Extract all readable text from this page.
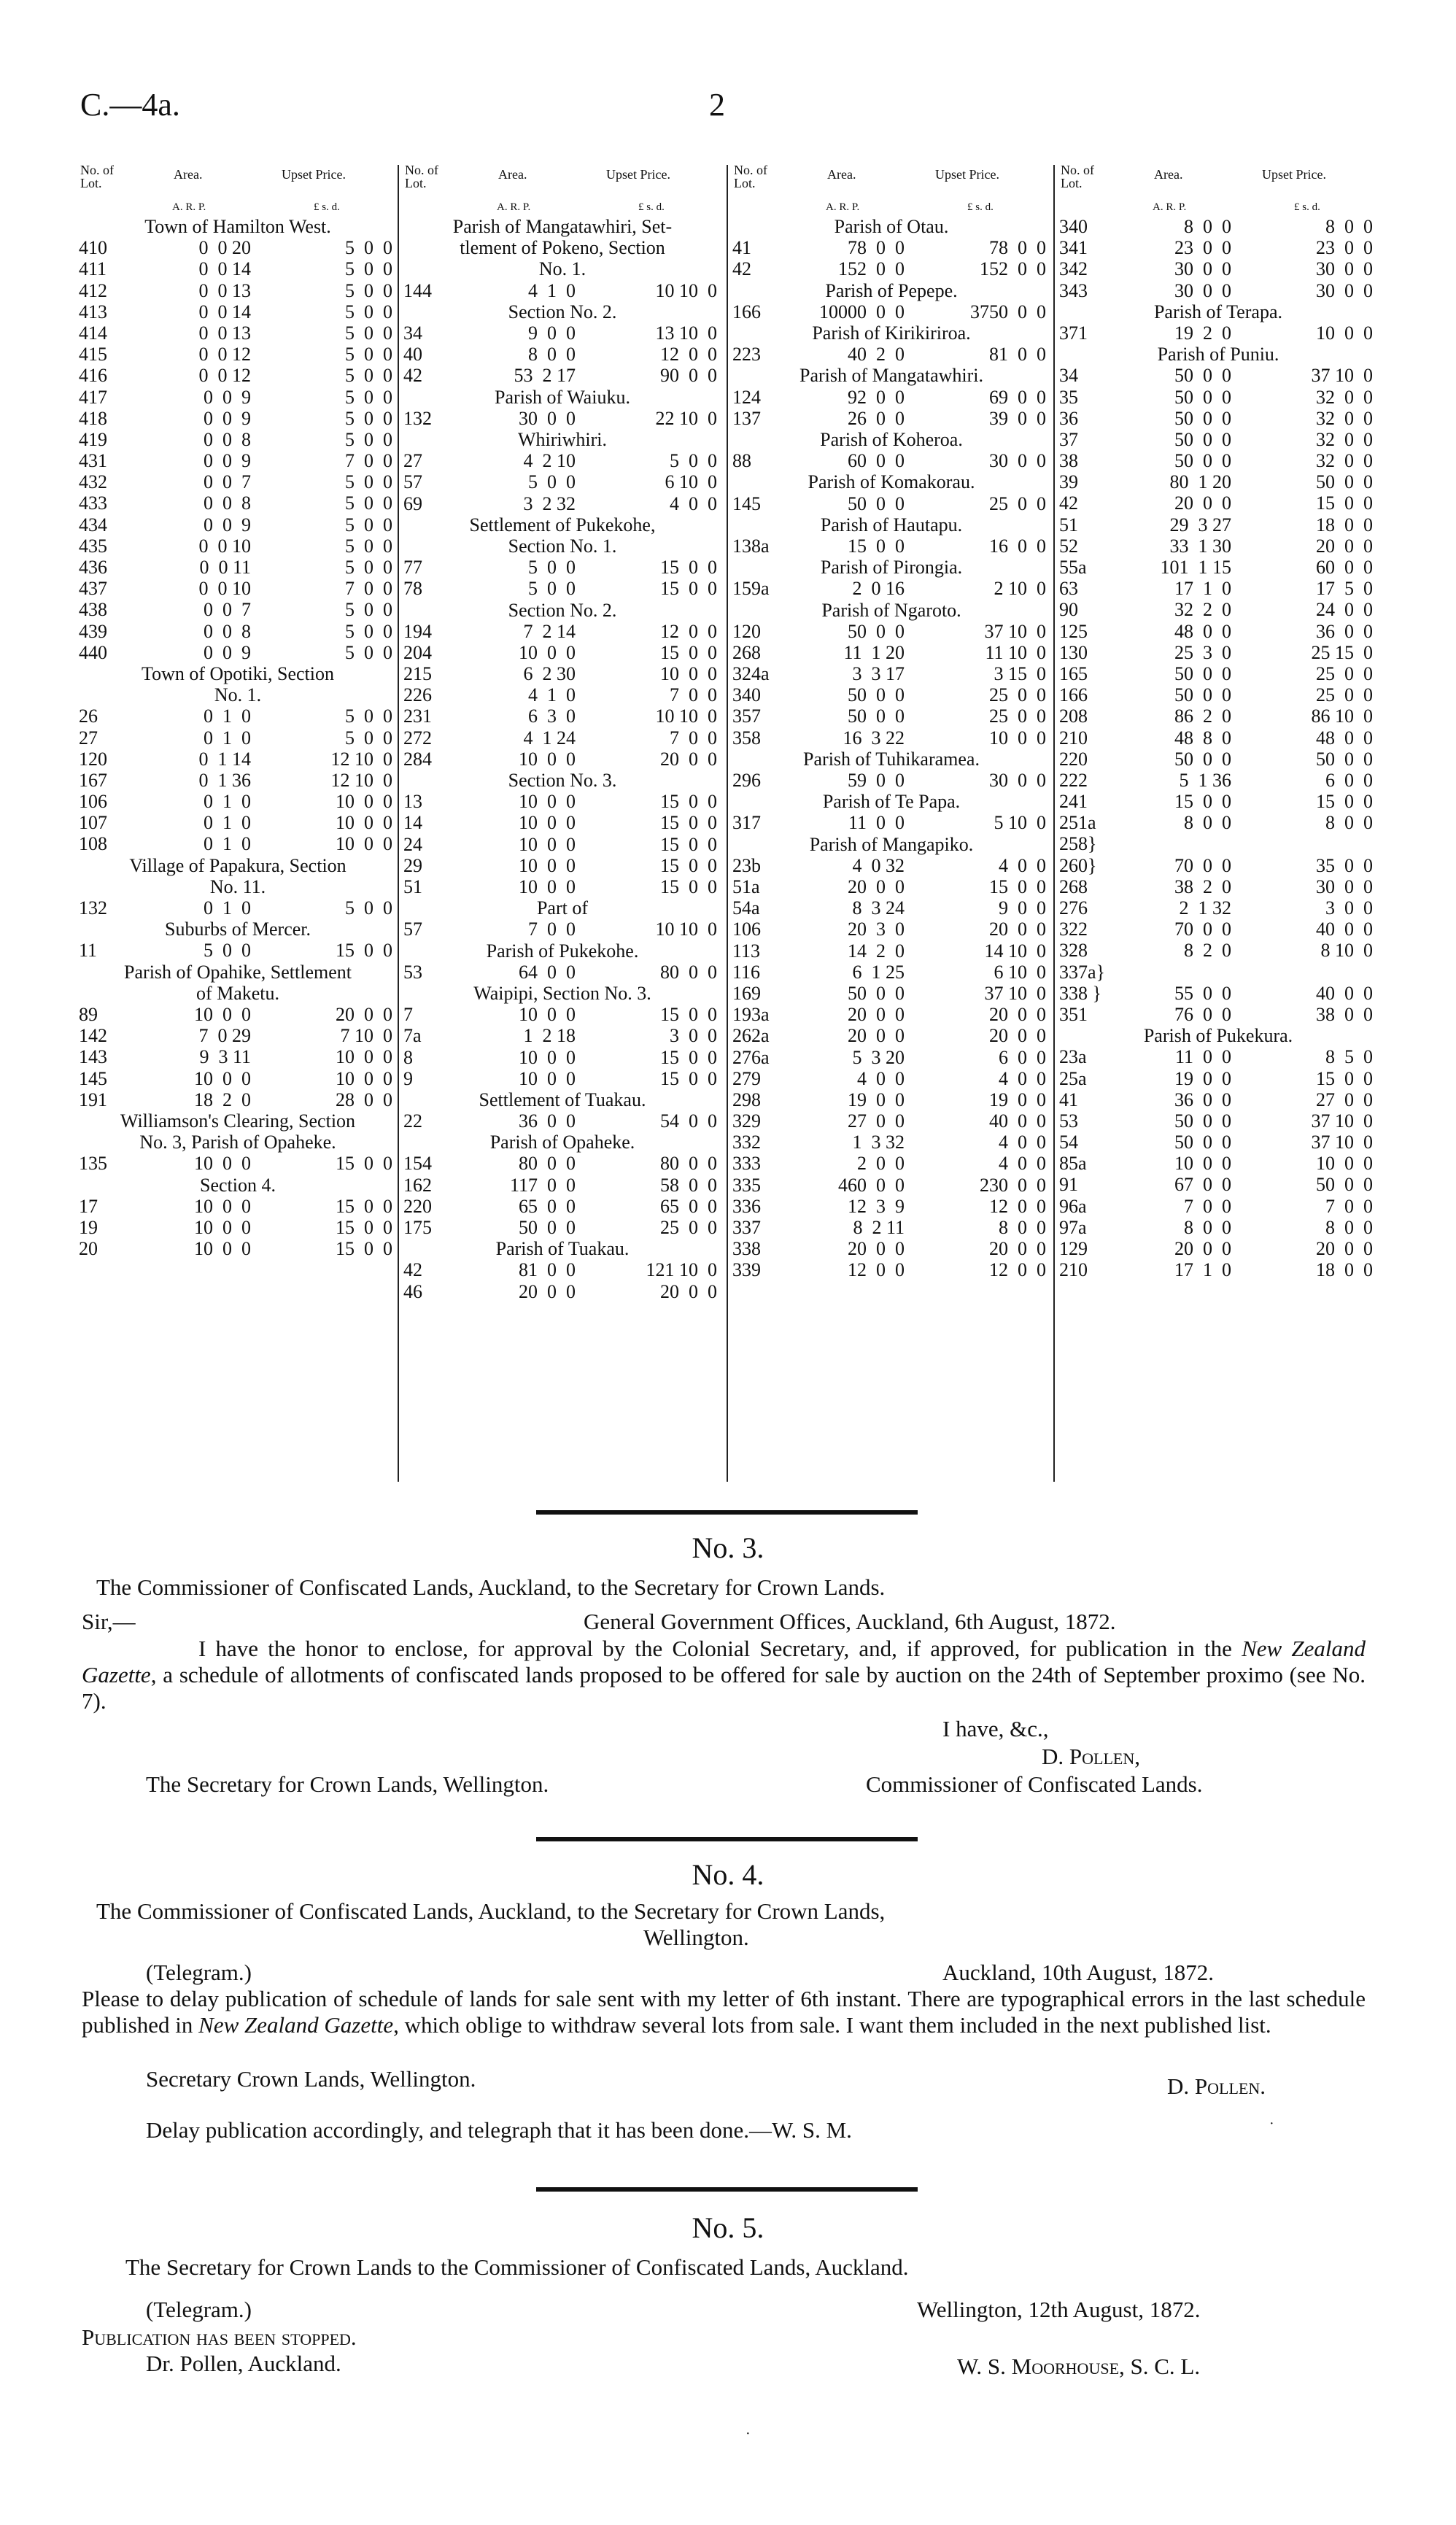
C.—4a.	2
No. of Lot.
Area.	Upset Price.
A. R. P.	£ s. d.
Town of Hamilton West.
410	0  0 20	5  0  0
411	0  0 14	5  0  0
412	0  0 13	5  0  0
413	0  0 14	5  0  0
414	0  0 13	5  0  0
415	0  0 12	5  0  0
416	0  0 12	5  0  0
417	0  0  9	5  0  0
418	0  0  9	5  0  0
419	0  0  8	5  0  0
431	0  0  9	7  0  0
432	0  0  7	5  0  0
433	0  0  8	5  0  0
434	0  0  9	5  0  0
435	0  0 10	5  0  0
436	0  0 11	5  0  0
437	0  0 10	7  0  0
438	0  0  7	5  0  0
439	0  0  8	5  0  0
440	0  0  9	5  0  0
Town of Opotiki, Section
No. 1.
26	0  1  0	5  0  0
27	0  1  0	5  0  0
120	0  1 14	12 10  0
167	0  1 36	12 10  0
106	0  1  0	10  0  0
107	0  1  0	10  0  0
108	0  1  0	10  0  0
Village of Papakura, Section
No. 11.
132	0  1  0	5  0  0
Suburbs of Mercer.
11	5  0  0	15  0  0
Parish of Opahike, Settlement
of Maketu.
89	10  0  0	20  0  0
142	7  0 29	7 10  0
143	9  3 11	10  0  0
145	10  0  0	10  0  0
191	18  2  0	28  0  0
Williamson's Clearing, Section
No. 3, Parish of Opaheke.
135	10  0  0	15  0  0
Section 4.
17	10  0  0	15  0  0
19	10  0  0	15  0  0
20	10  0  0	15  0  0
No. of Lot.
Area.	Upset Price.
A. R. P.	£ s. d.
Parish of Mangatawhiri, Set-
tlement of Pokeno, Section
No. 1.
144	4  1  0	10 10  0
Section No. 2.
34	9  0  0	13 10  0
40	8  0  0	12  0  0
42	53  2 17	90  0  0
Parish of Waiuku.
132	30  0  0	22 10  0
Whiriwhiri.
27	4  2 10	5  0  0
57	5  0  0	6 10  0
69	3  2 32	4  0  0
Settlement of Pukekohe,
Section No. 1.
77	5  0  0	15  0  0
78	5  0  0	15  0  0
Section No. 2.
194	7  2 14	12  0  0
204	10  0  0	15  0  0
215	6  2 30	10  0  0
226	4  1  0	7  0  0
231	6  3  0	10 10  0
272	4  1 24	7  0  0
284	10  0  0	20  0  0
Section No. 3.
13	10  0  0	15  0  0
14	10  0  0	15  0  0
24	10  0  0	15  0  0
29	10  0  0	15  0  0
51	10  0  0	15  0  0
Part of
57	7  0  0	10 10  0
Parish of Pukekohe.
53	64  0  0	80  0  0
Waipipi, Section No. 3.
7	10  0  0	15  0  0
7a	1  2 18	3  0  0
8	10  0  0	15  0  0
9	10  0  0	15  0  0
Settlement of Tuakau.
22	36  0  0	54  0  0
Parish of Opaheke.
154	80  0  0	80  0  0
162	117  0  0	58  0  0
220	65  0  0	65  0  0
175	50  0  0	25  0  0
Parish of Tuakau.
42	81  0  0	121 10  0
46	20  0  0	20  0  0
No. of Lot.
Area.	Upset Price.
A. R. P.	£ s. d.
Parish of Otau.
41	78  0  0	78  0  0
42	152  0  0	152  0  0
Parish of Pepepe.
166	10000  0  0	3750  0  0
Parish of Kirikiriroa.
223	40  2  0	81  0  0
Parish of Mangatawhiri.
124	92  0  0	69  0  0
137	26  0  0	39  0  0
Parish of Koheroa.
88	60  0  0	30  0  0
Parish of Komakorau.
145	50  0  0	25  0  0
Parish of Hautapu.
138a	15  0  0	16  0  0
Parish of Pirongia.
159a	2  0 16	2 10  0
Parish of Ngaroto.
120	50  0  0	37 10  0
268	11  1 20	11 10  0
324a	3  3 17	3 15  0
340	50  0  0	25  0  0
357	50  0  0	25  0  0
358	16  3 22	10  0  0
Parish of Tuhikaramea.
296	59  0  0	30  0  0
Parish of Te Papa.
317	11  0  0	5 10  0
Parish of Mangapiko.
23b	4  0 32	4  0  0
51a	20  0  0	15  0  0
54a	8  3 24	9  0  0
106	20  3  0	20  0  0
113	14  2  0	14 10  0
116	6  1 25	6 10  0
169	50  0  0	37 10  0
193a	20  0  0	20  0  0
262a	20  0  0	20  0  0
276a	5  3 20	6  0  0
279	4  0  0	4  0  0
298	19  0  0	19  0  0
329	27  0  0	40  0  0
332	1  3 32	4  0  0
333	2  0  0	4  0  0
335	460  0  0	230  0  0
336	12  3  9	12  0  0
337	8  2 11	8  0  0
338	20  0  0	20  0  0
339	12  0  0	12  0  0
No. of Lot.
Area.	Upset Price.
A. R. P.	£ s. d.
340	8  0  0	8  0  0
341	23  0  0	23  0  0
342	30  0  0	30  0  0
343	30  0  0	30  0  0
Parish of Terapa.
371	19  2  0	10  0  0
Parish of Puniu.
34	50  0  0	37 10  0
35	50  0  0	32  0  0
36	50  0  0	32  0  0
37	50  0  0	32  0  0
38	50  0  0	32  0  0
39	80  1 20	50  0  0
42	20  0  0	15  0  0
51	29  3 27	18  0  0
52	33  1 30	20  0  0
55a	101  1 15	60  0  0
63	17  1  0	17  5  0
90	32  2  0	24  0  0
125	48  0  0	36  0  0
130	25  3  0	25 15  0
165	50  0  0	25  0  0
166	50  0  0	25  0  0
208	86  2  0	86 10  0
210	48  8  0	48  0  0
220	50  0  0	50  0  0
222	5  1 36	6  0  0
241	15  0  0	15  0  0
251a	8  0  0	8  0  0
258}
260}	70  0  0	35  0  0
268	38  2  0	30  0  0
276	2  1 32	3  0  0
322	70  0  0	40  0  0
328	8  2  0	8 10  0
337a}
338 }	55  0  0	40  0  0
351	76  0  0	38  0  0
Parish of Pukekura.
23a	11  0  0	8  5  0
25a	19  0  0	15  0  0
41	36  0  0	27  0  0
53	50  0  0	37 10  0
54	50  0  0	37 10  0
85a	10  0  0	10  0  0
91	67  0  0	50  0  0
96a	7  0  0	7  0  0
97a	8  0  0	8  0  0
129	20  0  0	20  0  0
210	17  1  0	18  0  0
No. 3.
The Commissioner of Confiscated Lands, Auckland, to the Secretary for Crown Lands.
Sir,—	General Government Offices, Auckland, 6th August, 1872.
I have the honor to enclose, for approval by the Colonial Secretary, and, if approved, for publication in the New Zealand Gazette, a schedule of allotments of confiscated lands proposed to be offered for sale by auction on the 24th of September proximo (see No. 7).
I have, &c.,
D. Pollen,
The Secretary for Crown Lands, Wellington.	Commissioner of Confiscated Lands.
No. 4.
The Commissioner of Confiscated Lands, Auckland, to the Secretary for Crown Lands,
Wellington.
(Telegram.)	Auckland, 10th August, 1872.
Please to delay publication of schedule of lands for sale sent with my letter of 6th instant. There are typographical errors in the last schedule published in New Zealand Gazette, which oblige to withdraw several lots from sale. I want them included in the next published list.
Secretary Crown Lands, Wellington.	D. Pollen.
Delay publication accordingly, and telegraph that it has been done.—W. S. M.	·
No. 5.
The Secretary for Crown Lands to the Commissioner of Confiscated Lands, Auckland.
(Telegram.)	Wellington, 12th August, 1872.
Publication has been stopped.
Dr. Pollen, Auckland.	W. S. Moorhouse, S. C. L.
·
